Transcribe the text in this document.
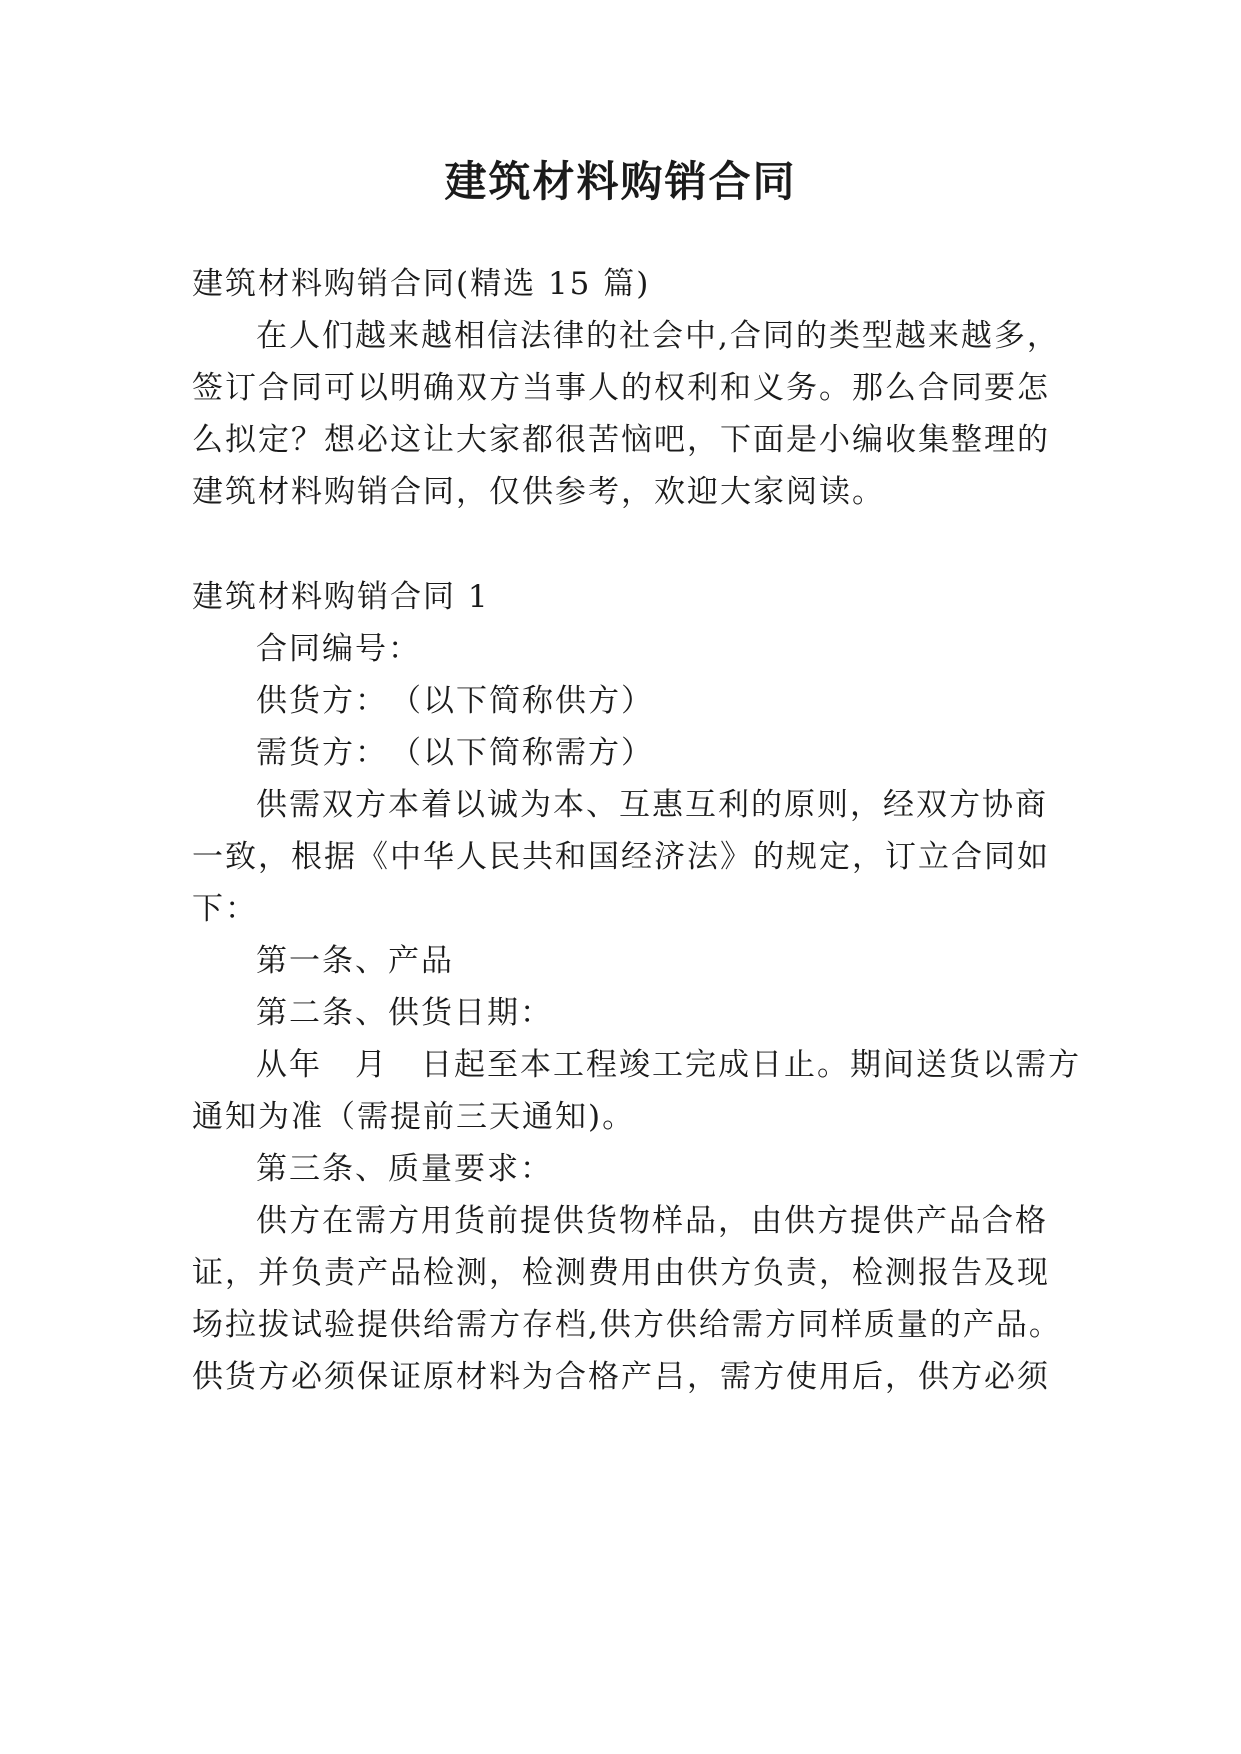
建筑材料购销合同
建筑材料购销合同(精选 15 篇)
在人们越来越相信法律的社会中,合同的类型越来越多，
签订合同可以明确双方当事人的权利和义务。那么合同要怎
么拟定？想必这让大家都很苦恼吧，下面是小编收集整理的
建筑材料购销合同，仅供参考，欢迎大家阅读。
建筑材料购销合同 1
合同编号：
供货方：　（以下简称供方）
需货方：　（以下简称需方）
供需双方本着以诚为本、互惠互利的原则，经双方协商
一致，根据《中华人民共和国经济法》的规定，订立合同如
下：
第一条、产品
第二条、供货日期：
从年　月　日起至本工程竣工完成日止。期间送货以需方
通知为准（需提前三天通知)。
第三条、质量要求：
供方在需方用货前提供货物样品，由供方提供产品合格
证，并负责产品检测，检测费用由供方负责，检测报告及现
场拉拔试验提供给需方存档,供方供给需方同样质量的产品。
供货方必须保证原材料为合格产吕，需方使用后，供方必须
